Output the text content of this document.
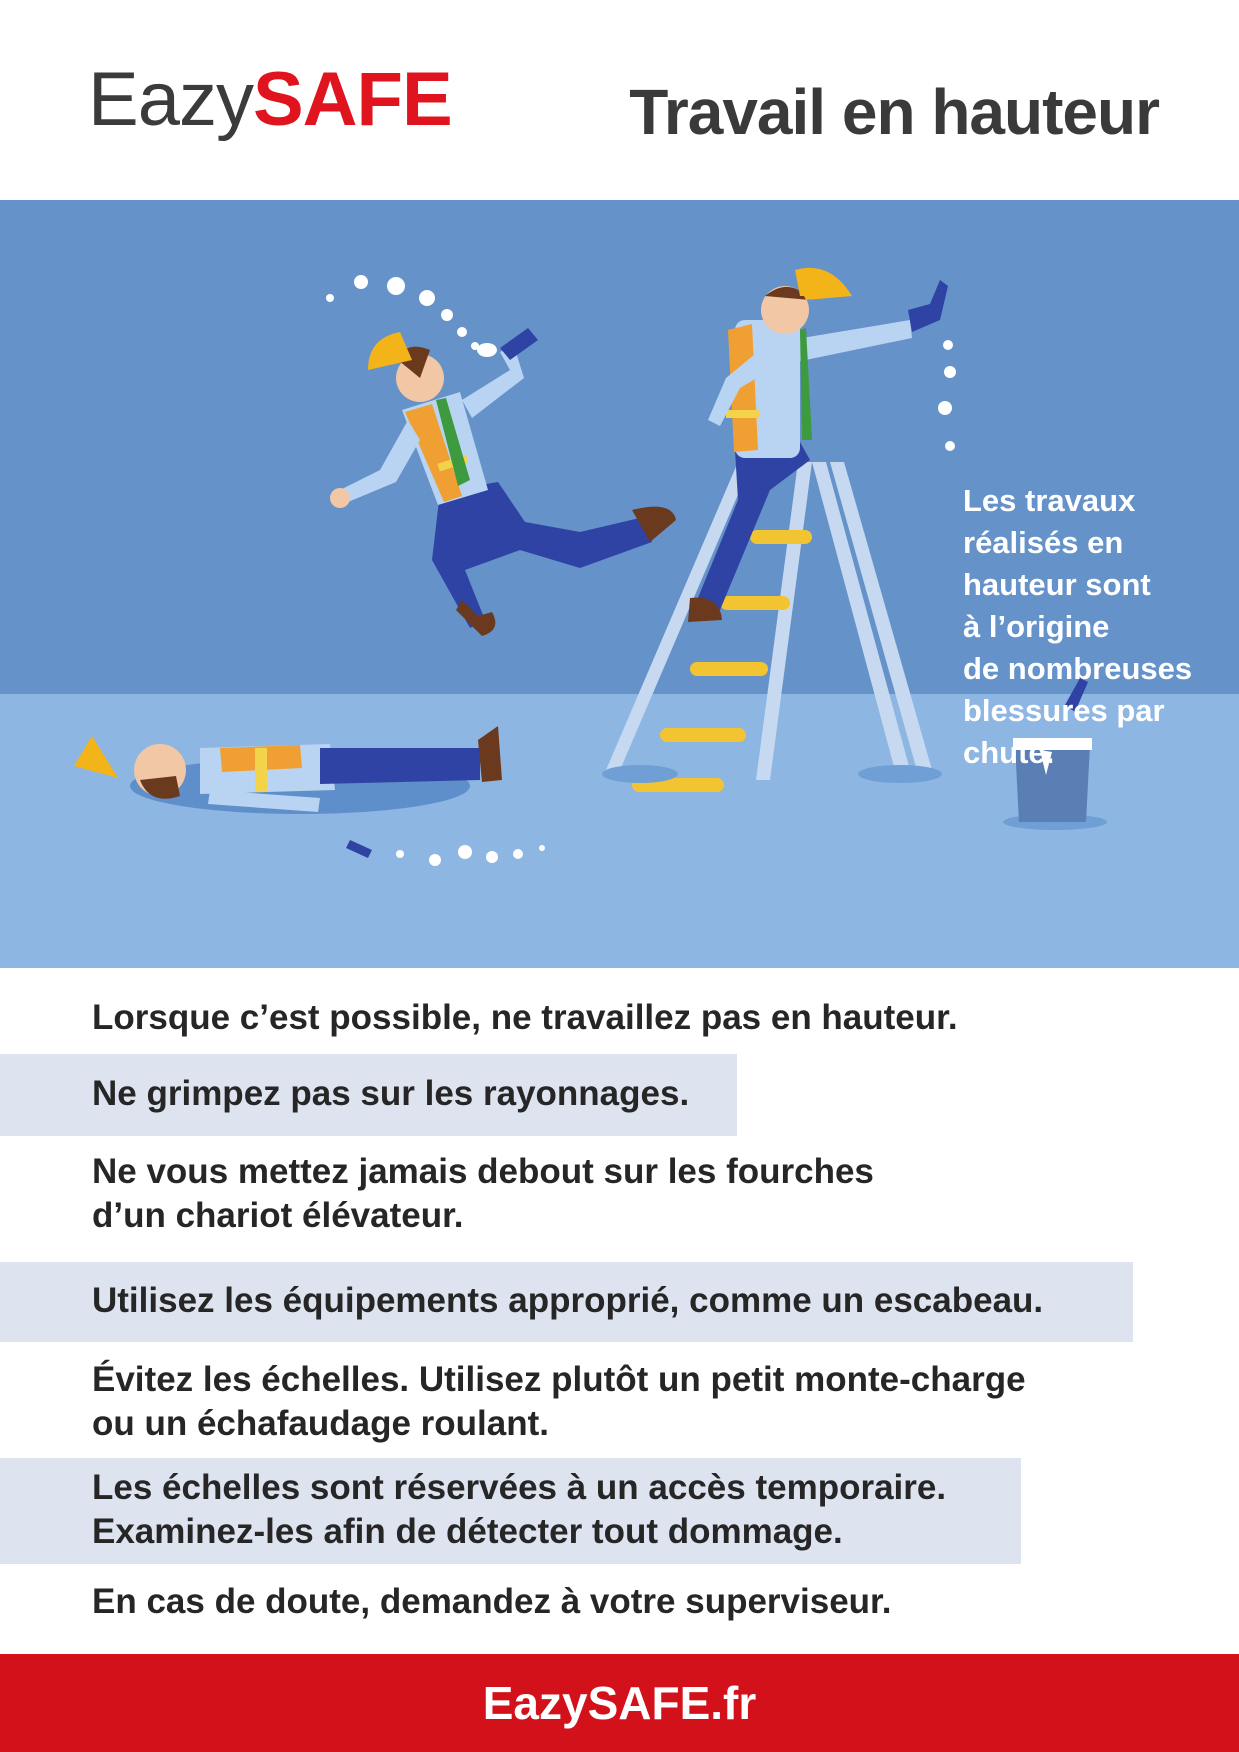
EazySAFE	Travail en hauteur
Les travaux
réalisés en
hauteur sont
à l’origine
de nombreuses
blessures par
chute.
Lorsque c’est possible, ne travaillez pas en hauteur.
Ne grimpez pas sur les rayonnages.
Ne vous mettez jamais debout sur les fourches
d’un chariot élévateur.
Utilisez les équipements approprié, comme un escabeau.
Évitez les échelles. Utilisez plutôt un petit monte-charge
ou un échafaudage roulant.
Les échelles sont réservées à un accès temporaire.
Examinez-les afin de détecter tout dommage.
En cas de doute, demandez à votre superviseur.
EazySAFE.fr
